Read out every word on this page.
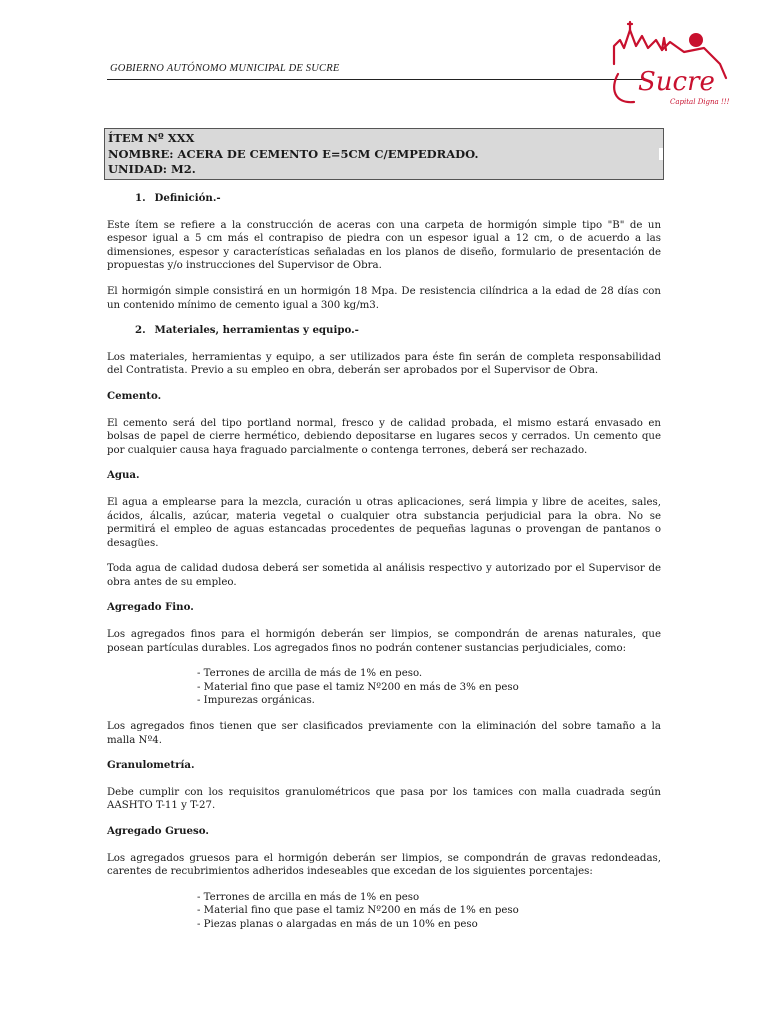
GOBIERNO AUTÓNOMO MUNICIPAL DE SUCRE	Sucre
Capital Digna !!!
ÍTEM Nº XXX
NOMBRE: ACERA DE CEMENTO E=5CM C/EMPEDRADO.
UNIDAD: M2.
1. Definición.-

Este ítem se refiere a la construcción de aceras con una carpeta de hormigón simple tipo "B" de un espesor igual a 5 cm más el contrapiso de piedra con un espesor igual a 12 cm, o de acuerdo a las dimensiones, espesor y características señaladas en los planos de diseño, formulario de presentación de propuestas y/o instrucciones del Supervisor de Obra.

El hormigón simple consistirá en un hormigón 18 Mpa. De resistencia cilíndrica a la edad de 28 días con un contenido mínimo de cemento igual a 300 kg/m3.

2. Materiales, herramientas y equipo.-

Los materiales, herramientas y equipo, a ser utilizados para éste fin serán de completa responsabilidad del Contratista. Previo a su empleo en obra, deberán ser aprobados por el Supervisor de Obra.

Cemento.

El cemento será del tipo portland normal, fresco y de calidad probada, el mismo estará envasado en bolsas de papel de cierre hermético, debiendo depositarse en lugares secos y cerrados. Un cemento que por cualquier causa haya fraguado parcialmente o contenga terrones, deberá ser rechazado.

Agua.

El agua a emplearse para la mezcla, curación u otras aplicaciones, será limpia y libre de aceites, sales, ácidos, álcalis, azúcar, materia vegetal o cualquier otra substancia perjudicial para la obra. No se permitirá el empleo de aguas estancadas procedentes de pequeñas lagunas o provengan de pantanos o desagües.

Toda agua de calidad dudosa deberá ser sometida al análisis respectivo y autorizado por el Supervisor de obra antes de su empleo.

Agregado Fino.

Los agregados finos para el hormigón deberán ser limpios, se compondrán de arenas naturales, que posean partículas durables. Los agregados finos no podrán contener sustancias perjudiciales, como:

- Terrones de arcilla de más de 1% en peso.
- Material fino que pase el tamiz Nº200 en más de 3% en peso
- Impurezas orgánicas.

Los agregados finos tienen que ser clasificados previamente con la eliminación del sobre tamaño a la malla Nº4.

Granulometría.

Debe cumplir con los requisitos granulométricos que pasa por los tamices con malla cuadrada según AASHTO T-11 y T-27.

Agregado Grueso.

Los agregados gruesos para el hormigón deberán ser limpios, se compondrán de gravas redondeadas, carentes de recubrimientos adheridos indeseables que excedan de los siguientes porcentajes:

- Terrones de arcilla en más de 1% en peso
- Material fino que pase el tamiz Nº200 en más de 1% en peso
- Piezas planas o alargadas en más de un 10% en peso
